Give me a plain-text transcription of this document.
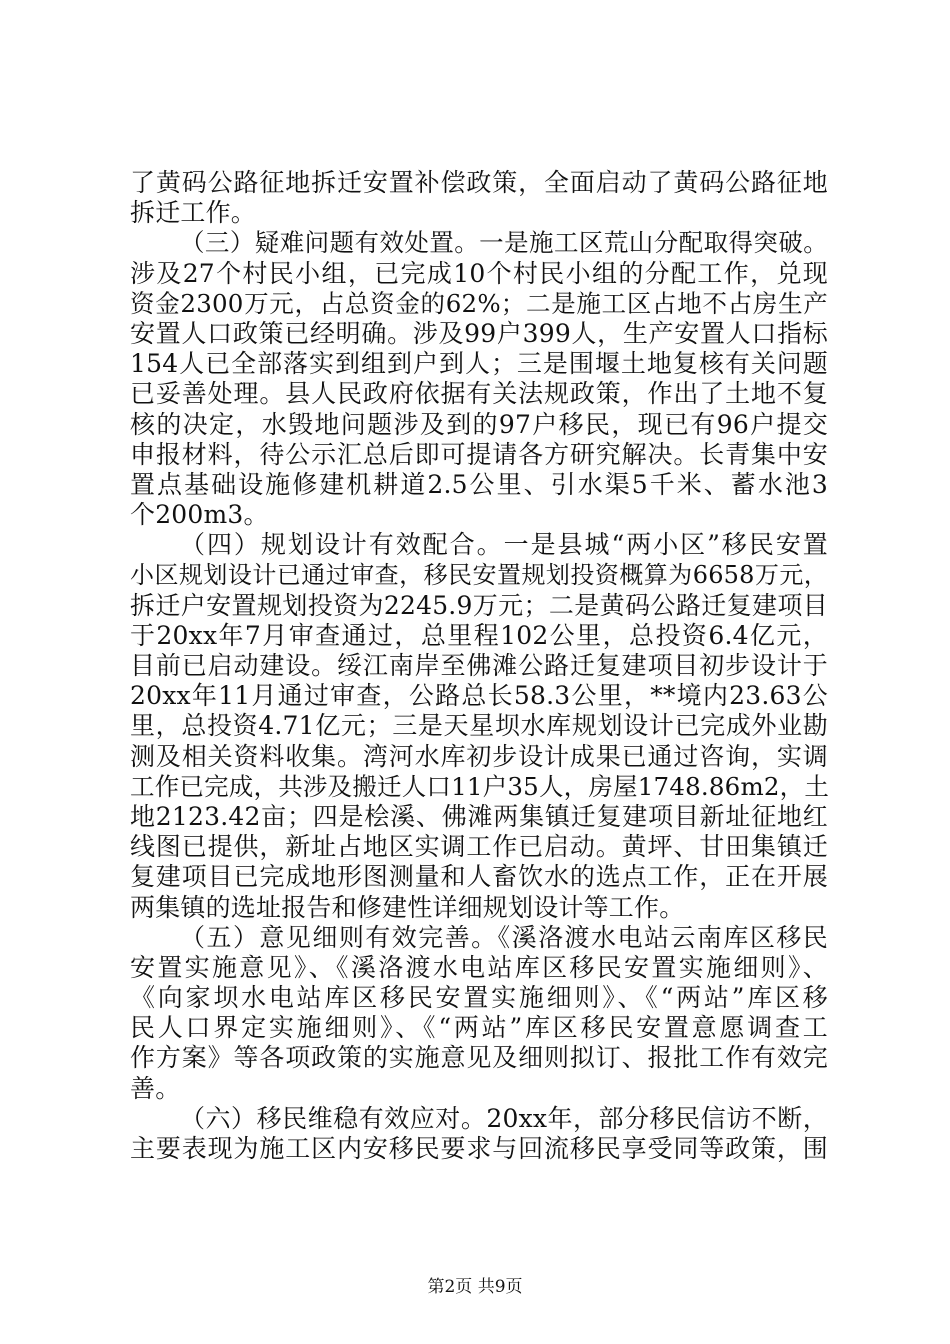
了黄码公路征地拆迁安置补偿政策，全面启动了黄码公路征地
拆迁工作。
（三）疑难问题有效处置。一是施工区荒山分配取得突破。
涉及27个村民小组，已完成10个村民小组的分配工作，兑现
资金2300万元，占总资金的62%；二是施工区占地不占房生产
安置人口政策已经明确。涉及99户399人，生产安置人口指标
154人已全部落实到组到户到人；三是围堰土地复核有关问题
已妥善处理。县人民政府依据有关法规政策，作出了土地不复
核的决定，水毁地问题涉及到的97户移民，现已有96户提交
申报材料，待公示汇总后即可提请各方研究解决。长青集中安
置点基础设施修建机耕道2.5公里、引水渠5千米、蓄水池3
个200m3。
（四）规划设计有效配合。一是县城“两小区”移民安置
小区规划设计已通过审查，移民安置规划投资概算为6658万元，
拆迁户安置规划投资为2245.9万元；二是黄码公路迁复建项目
于20xx年7月审查通过，总里程102公里，总投资6.4亿元，
目前已启动建设。绥江南岸至佛滩公路迁复建项目初步设计于
20xx年11月通过审查，公路总长58.3公里，**境内23.63公
里，总投资4.71亿元；三是天星坝水库规划设计已完成外业勘
测及相关资料收集。湾河水库初步设计成果已通过咨询，实调
工作已完成，共涉及搬迁人口11户35人，房屋1748.86m2，土
地2123.42亩；四是桧溪、佛滩两集镇迁复建项目新址征地红
线图已提供，新址占地区实调工作已启动。黄坪、甘田集镇迁
复建项目已完成地形图测量和人畜饮水的选点工作，正在开展
两集镇的选址报告和修建性详细规划设计等工作。
（五）意见细则有效完善。《溪洛渡水电站云南库区移民
安置实施意见》、《溪洛渡水电站库区移民安置实施细则》、
《向家坝水电站库区移民安置实施细则》、《“两站”库区移
民人口界定实施细则》、《“两站”库区移民安置意愿调查工
作方案》等各项政策的实施意见及细则拟订、报批工作有效完
善。
（六）移民维稳有效应对。20xx年，部分移民信访不断，
主要表现为施工区内安移民要求与回流移民享受同等政策，围
第2页 共9页
